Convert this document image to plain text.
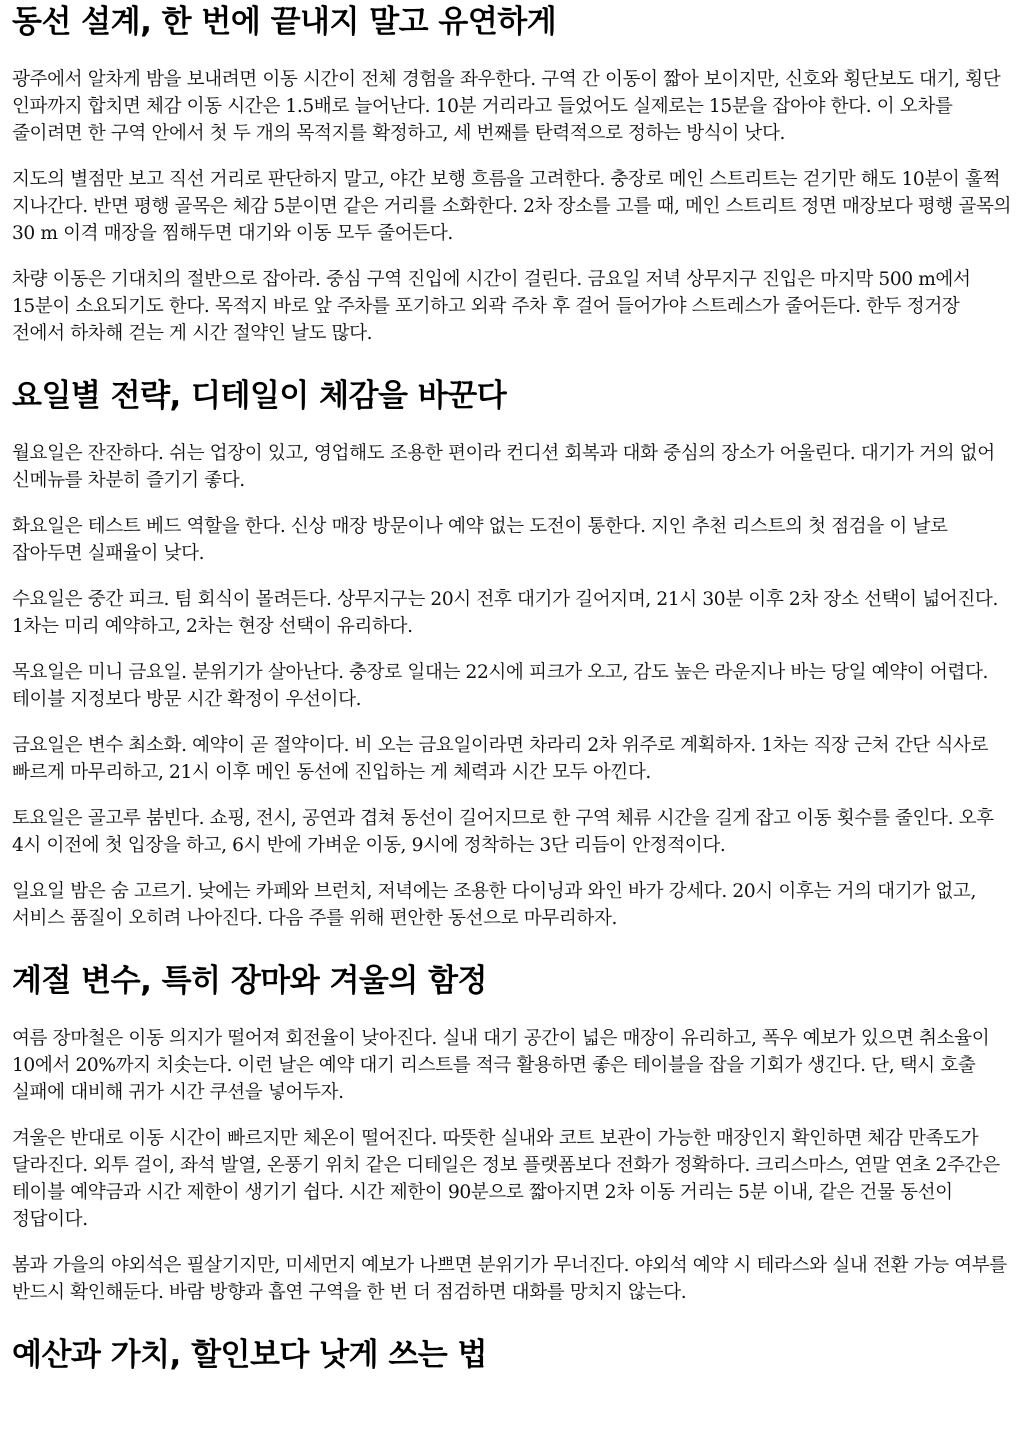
동선 설계, 한 번에 끝내지 말고 유연하게

광주에서 알차게 밤을 보내려면 이동 시간이 전체 경험을 좌우한다. 구역 간 이동이 짧아 보이지만, 신호와 횡단보도 대기, 횡단 인파까지 합치면 체감 이동 시간은 1.5배로 늘어난다. 10분 거리라고 들었어도 실제로는 15분을 잡아야 한다. 이 오차를 줄이려면 한 구역 안에서 첫 두 개의 목적지를 확정하고, 세 번째를 탄력적으로 정하는 방식이 낫다.

지도의 별점만 보고 직선 거리로 판단하지 말고, 야간 보행 흐름을 고려한다. 충장로 메인 스트리트는 걷기만 해도 10분이 훌쩍 지나간다. 반면 평행 골목은 체감 5분이면 같은 거리를 소화한다. 2차 장소를 고를 때, 메인 스트리트 정면 매장보다 평행 골목의 30 m 이격 매장을 찜해두면 대기와 이동 모두 줄어든다.

차량 이동은 기대치의 절반으로 잡아라. 중심 구역 진입에 시간이 걸린다. 금요일 저녁 상무지구 진입은 마지막 500 m에서 15분이 소요되기도 한다. 목적지 바로 앞 주차를 포기하고 외곽 주차 후 걸어 들어가야 스트레스가 줄어든다. 한두 정거장 전에서 하차해 걷는 게 시간 절약인 날도 많다.

요일별 전략, 디테일이 체감을 바꾼다

월요일은 잔잔하다. 쉬는 업장이 있고, 영업해도 조용한 편이라 컨디션 회복과 대화 중심의 장소가 어울린다. 대기가 거의 없어 신메뉴를 차분히 즐기기 좋다.

화요일은 테스트 베드 역할을 한다. 신상 매장 방문이나 예약 없는 도전이 통한다. 지인 추천 리스트의 첫 점검을 이 날로 잡아두면 실패율이 낮다.

수요일은 중간 피크. 팀 회식이 몰려든다. 상무지구는 20시 전후 대기가 길어지며, 21시 30분 이후 2차 장소 선택이 넓어진다. 1차는 미리 예약하고, 2차는 현장 선택이 유리하다.

목요일은 미니 금요일. 분위기가 살아난다. 충장로 일대는 22시에 피크가 오고, 감도 높은 라운지나 바는 당일 예약이 어렵다. 테이블 지정보다 방문 시간 확정이 우선이다.

금요일은 변수 최소화. 예약이 곧 절약이다. 비 오는 금요일이라면 차라리 2차 위주로 계획하자. 1차는 직장 근처 간단 식사로 빠르게 마무리하고, 21시 이후 메인 동선에 진입하는 게 체력과 시간 모두 아낀다.

토요일은 골고루 붐빈다. 쇼핑, 전시, 공연과 겹쳐 동선이 길어지므로 한 구역 체류 시간을 길게 잡고 이동 횟수를 줄인다. 오후 4시 이전에 첫 입장을 하고, 6시 반에 가벼운 이동, 9시에 정착하는 3단 리듬이 안정적이다.

일요일 밤은 숨 고르기. 낮에는 카페와 브런치, 저녁에는 조용한 다이닝과 와인 바가 강세다. 20시 이후는 거의 대기가 없고, 서비스 품질이 오히려 나아진다. 다음 주를 위해 편안한 동선으로 마무리하자.

계절 변수, 특히 장마와 겨울의 함정

여름 장마철은 이동 의지가 떨어져 회전율이 낮아진다. 실내 대기 공간이 넓은 매장이 유리하고, 폭우 예보가 있으면 취소율이 10에서 20%까지 치솟는다. 이런 날은 예약 대기 리스트를 적극 활용하면 좋은 테이블을 잡을 기회가 생긴다. 단, 택시 호출 실패에 대비해 귀가 시간 쿠션을 넣어두자.

겨울은 반대로 이동 시간이 빠르지만 체온이 떨어진다. 따뜻한 실내와 코트 보관이 가능한 매장인지 확인하면 체감 만족도가 달라진다. 외투 걸이, 좌석 발열, 온풍기 위치 같은 디테일은 정보 플랫폼보다 전화가 정확하다. 크리스마스, 연말 연초 2주간은 테이블 예약금과 시간 제한이 생기기 쉽다. 시간 제한이 90분으로 짧아지면 2차 이동 거리는 5분 이내, 같은 건물 동선이 정답이다.

봄과 가을의 야외석은 필살기지만, 미세먼지 예보가 나쁘면 분위기가 무너진다. 야외석 예약 시 테라스와 실내 전환 가능 여부를 반드시 확인해둔다. 바람 방향과 흡연 구역을 한 번 더 점검하면 대화를 망치지 않는다.

예산과 가치, 할인보다 낫게 쓰는 법
